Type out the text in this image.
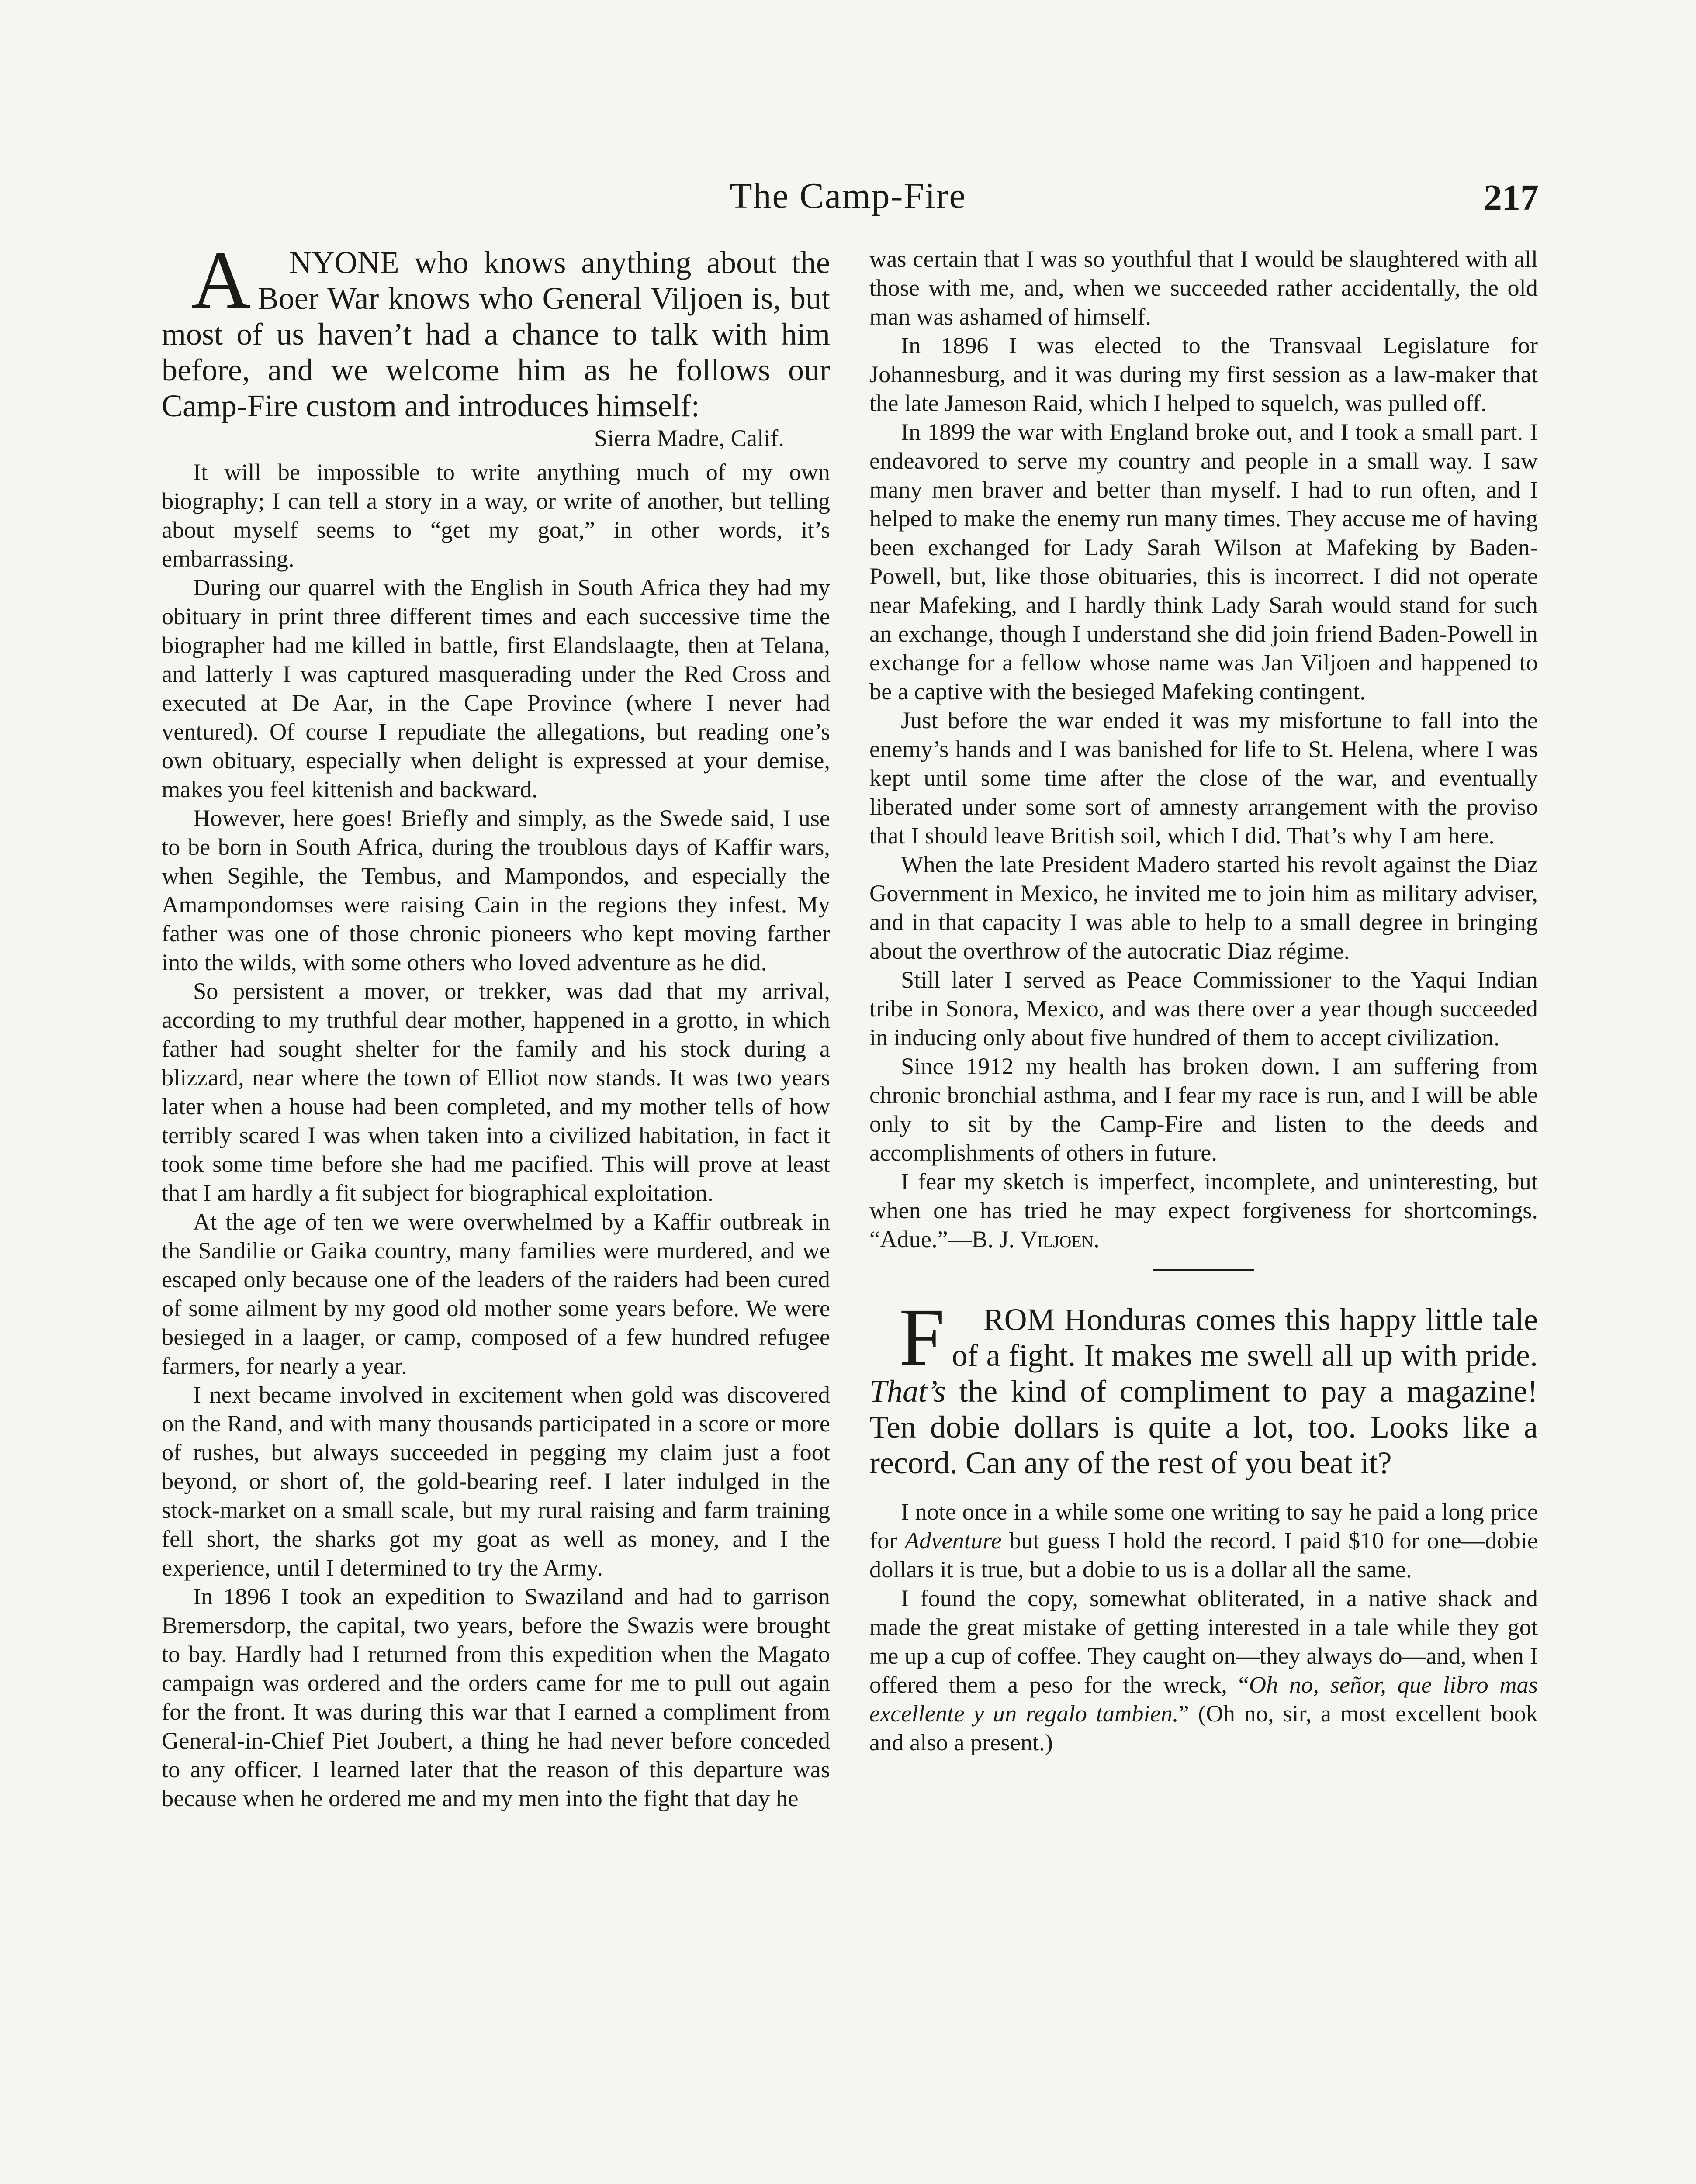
The Camp-Fire	217

A NYONE who knows anything about the Boer War knows who General Viljoen is, but most of us haven’t had a chance to talk with him before, and we welcome him as he follows our Camp-Fire custom and introduces himself:

Sierra Madre, Calif.

It will be impossible to write anything much of my own biography; I can tell a story in a way, or write of another, but telling about myself seems to “get my goat,” in other words, it’s embarrassing.

During our quarrel with the English in South Africa they had my obituary in print three different times and each successive time the biographer had me killed in battle, first Elandslaagte, then at Telana, and latterly I was captured masquerading under the Red Cross and executed at De Aar, in the Cape Province (where I never had ventured). Of course I repudiate the allegations, but reading one’s own obituary, especially when delight is expressed at your demise, makes you feel kittenish and backward.

However, here goes! Briefly and simply, as the Swede said, I use to be born in South Africa, during the troublous days of Kaffir wars, when Segihle, the Tembus, and Mampondos, and especially the Amampondomses were raising Cain in the regions they infest. My father was one of those chronic pioneers who kept moving farther into the wilds, with some others who loved adventure as he did.

So persistent a mover, or trekker, was dad that my arrival, according to my truthful dear mother, happened in a grotto, in which father had sought shelter for the family and his stock during a blizzard, near where the town of Elliot now stands. It was two years later when a house had been completed, and my mother tells of how terribly scared I was when taken into a civilized habitation, in fact it took some time before she had me pacified. This will prove at least that I am hardly a fit subject for biographical exploitation.

At the age of ten we were overwhelmed by a Kaffir outbreak in the Sandilie or Gaika country, many families were murdered, and we escaped only because one of the leaders of the raiders had been cured of some ailment by my good old mother some years before. We were besieged in a laager, or camp, composed of a few hundred refugee farmers, for nearly a year.

I next became involved in excitement when gold was discovered on the Rand, and with many thousands participated in a score or more of rushes, but always succeeded in pegging my claim just a foot beyond, or short of, the gold-bearing reef. I later indulged in the stock-market on a small scale, but my rural raising and farm training fell short, the sharks got my goat as well as money, and I the experience, until I determined to try the Army.

In 1896 I took an expedition to Swaziland and had to garrison Bremersdorp, the capital, two years, before the Swazis were brought to bay. Hardly had I returned from this expedition when the Magato campaign was ordered and the orders came for me to pull out again for the front. It was during this war that I earned a compliment from General-in-Chief Piet Joubert, a thing he had never before conceded to any officer. I learned later that the reason of this departure was because when he ordered me and my men into the fight that day he

was certain that I was so youthful that I would be slaughtered with all those with me, and, when we succeeded rather accidentally, the old man was ashamed of himself.

In 1896 I was elected to the Transvaal Legislature for Johannesburg, and it was during my first session as a law-maker that the late Jameson Raid, which I helped to squelch, was pulled off.

In 1899 the war with England broke out, and I took a small part. I endeavored to serve my country and people in a small way. I saw many men braver and better than myself. I had to run often, and I helped to make the enemy run many times. They accuse me of having been exchanged for Lady Sarah Wilson at Mafeking by Baden-Powell, but, like those obituaries, this is incorrect. I did not operate near Mafeking, and I hardly think Lady Sarah would stand for such an exchange, though I understand she did join friend Baden-Powell in exchange for a fellow whose name was Jan Viljoen and happened to be a captive with the besieged Mafeking contingent.

Just before the war ended it was my misfortune to fall into the enemy’s hands and I was banished for life to St. Helena, where I was kept until some time after the close of the war, and eventually liberated under some sort of amnesty arrangement with the proviso that I should leave British soil, which I did. That’s why I am here.

When the late President Madero started his revolt against the Diaz Government in Mexico, he invited me to join him as military adviser, and in that capacity I was able to help to a small degree in bringing about the overthrow of the autocratic Diaz régime.

Still later I served as Peace Commissioner to the Yaqui Indian tribe in Sonora, Mexico, and was there over a year though succeeded in inducing only about five hundred of them to accept civilization.

Since 1912 my health has broken down. I am suffering from chronic bronchial asthma, and I fear my race is run, and I will be able only to sit by the Camp-Fire and listen to the deeds and accomplishments of others in future.

I fear my sketch is imperfect, incomplete, and uninteresting, but when one has tried he may expect forgiveness for shortcomings. “Adue.”—B. J. Viljoen.

F ROM Honduras comes this happy little tale of a fight. It makes me swell all up with pride. That’s the kind of compliment to pay a magazine! Ten dobie dollars is quite a lot, too. Looks like a record. Can any of the rest of you beat it?

I note once in a while some one writing to say he paid a long price for Adventure but guess I hold the record. I paid $10 for one—dobie dollars it is true, but a dobie to us is a dollar all the same.

I found the copy, somewhat obliterated, in a native shack and made the great mistake of getting interested in a tale while they got me up a cup of coffee. They caught on—they always do—and, when I offered them a peso for the wreck, “Oh no, señor, que libro mas excellente y un regalo tambien.” (Oh no, sir, a most excellent book and also a present.)
